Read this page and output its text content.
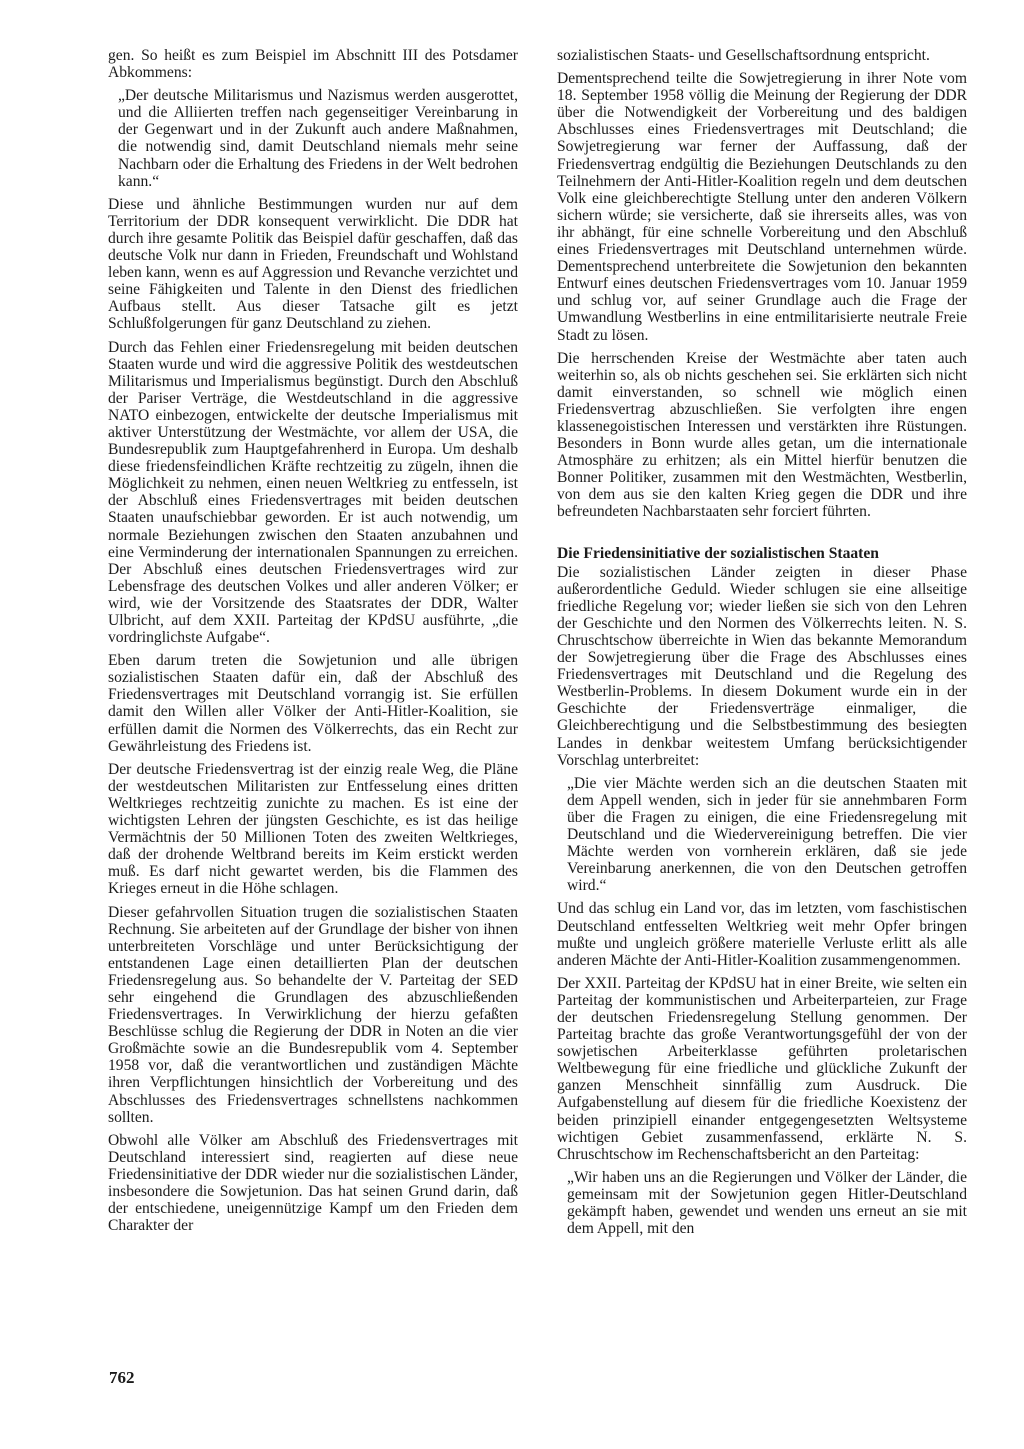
gen. So heißt es zum Beispiel im Abschnitt III des Potsdamer Abkommens:

„Der deutsche Militarismus und Nazismus werden ausgerottet, und die Alliierten treffen nach gegenseitiger Vereinbarung in der Gegenwart und in der Zukunft auch andere Maßnahmen, die notwendig sind, damit Deutschland niemals mehr seine Nachbarn oder die Erhaltung des Friedens in der Welt bedrohen kann.“

Diese und ähnliche Bestimmungen wurden nur auf dem Territorium der DDR konsequent verwirklicht. Die DDR hat durch ihre gesamte Politik das Beispiel dafür geschaffen, daß das deutsche Volk nur dann in Frieden, Freundschaft und Wohlstand leben kann, wenn es auf Aggression und Revanche verzichtet und seine Fähigkeiten und Talente in den Dienst des friedlichen Aufbaus stellt. Aus dieser Tatsache gilt es jetzt Schlußfolgerungen für ganz Deutschland zu ziehen.

Durch das Fehlen einer Friedensregelung mit beiden deutschen Staaten wurde und wird die aggressive Politik des westdeutschen Militarismus und Imperialismus begünstigt. Durch den Abschluß der Pariser Verträge, die Westdeutschland in die aggressive NATO einbezogen, entwickelte der deutsche Imperialismus mit aktiver Unterstützung der Westmächte, vor allem der USA, die Bundesrepublik zum Hauptgefahrenherd in Europa. Um deshalb diese friedensfeindlichen Kräfte rechtzeitig zu zügeln, ihnen die Möglichkeit zu nehmen, einen neuen Weltkrieg zu entfesseln, ist der Abschluß eines Friedensvertrages mit beiden deutschen Staaten unaufschiebbar geworden. Er ist auch notwendig, um normale Beziehungen zwischen den Staaten anzubahnen und eine Verminderung der internationalen Spannungen zu erreichen. Der Abschluß eines deutschen Friedensvertrages wird zur Lebensfrage des deutschen Volkes und aller anderen Völker; er wird, wie der Vorsitzende des Staatsrates der DDR, Walter Ulbricht, auf dem XXII. Parteitag der KPdSU ausführte, „die vordringlichste Aufgabe“.

Eben darum treten die Sowjetunion und alle übrigen sozialistischen Staaten dafür ein, daß der Abschluß des Friedensvertrages mit Deutschland vorrangig ist. Sie erfüllen damit den Willen aller Völker der Anti-Hitler-Koalition, sie erfüllen damit die Normen des Völkerrechts, das ein Recht zur Gewährleistung des Friedens ist.

Der deutsche Friedensvertrag ist der einzig reale Weg, die Pläne der westdeutschen Militaristen zur Entfesselung eines dritten Weltkrieges rechtzeitig zunichte zu machen. Es ist eine der wichtigsten Lehren der jüngsten Geschichte, es ist das heilige Vermächtnis der 50 Millionen Toten des zweiten Weltkrieges, daß der drohende Weltbrand bereits im Keim erstickt werden muß. Es darf nicht gewartet werden, bis die Flammen des Krieges erneut in die Höhe schlagen.

Dieser gefahrvollen Situation trugen die sozialistischen Staaten Rechnung. Sie arbeiteten auf der Grundlage der bisher von ihnen unterbreiteten Vorschläge und unter Berücksichtigung der entstandenen Lage einen detaillierten Plan der deutschen Friedensregelung aus. So behandelte der V. Parteitag der SED sehr eingehend die Grundlagen des abzuschließenden Friedensvertrages. In Verwirklichung der hierzu gefaßten Beschlüsse schlug die Regierung der DDR in Noten an die vier Großmächte sowie an die Bundesrepublik vom 4. September 1958 vor, daß die verantwortlichen und zuständigen Mächte ihren Verpflichtungen hinsichtlich der Vorbereitung und des Abschlusses des Friedensvertrages schnellstens nachkommen sollten.

Obwohl alle Völker am Abschluß des Friedensvertrages mit Deutschland interessiert sind, reagierten auf diese neue Friedensinitiative der DDR wieder nur die sozialistischen Länder, insbesondere die Sowjetunion. Das hat seinen Grund darin, daß der entschiedene, uneigennützige Kampf um den Frieden dem Charakter der

sozialistischen Staats- und Gesellschaftsordnung entspricht.

Dementsprechend teilte die Sowjetregierung in ihrer Note vom 18. September 1958 völlig die Meinung der Regierung der DDR über die Notwendigkeit der Vorbereitung und des baldigen Abschlusses eines Friedensvertrages mit Deutschland; die Sowjetregierung war ferner der Auffassung, daß der Friedensvertrag endgültig die Beziehungen Deutschlands zu den Teilnehmern der Anti-Hitler-Koalition regeln und dem deutschen Volk eine gleichberechtigte Stellung unter den anderen Völkern sichern würde; sie versicherte, daß sie ihrerseits alles, was von ihr abhängt, für eine schnelle Vorbereitung und den Abschluß eines Friedensvertrages mit Deutschland unternehmen würde. Dementsprechend unterbreitete die Sowjetunion den bekannten Entwurf eines deutschen Friedensvertrages vom 10. Januar 1959 und schlug vor, auf seiner Grundlage auch die Frage der Umwandlung Westberlins in eine entmilitarisierte neutrale Freie Stadt zu lösen.

Die herrschenden Kreise der Westmächte aber taten auch weiterhin so, als ob nichts geschehen sei. Sie erklärten sich nicht damit einverstanden, so schnell wie möglich einen Friedensvertrag abzuschließen. Sie verfolgten ihre engen klassenegoistischen Interessen und verstärkten ihre Rüstungen. Besonders in Bonn wurde alles getan, um die internationale Atmosphäre zu erhitzen; als ein Mittel hierfür benutzen die Bonner Politiker, zusammen mit den Westmächten, Westberlin, von dem aus sie den kalten Krieg gegen die DDR und ihre befreundeten Nachbarstaaten sehr forciert führten.

Die Friedensinitiative der sozialistischen Staaten

Die sozialistischen Länder zeigten in dieser Phase außerordentliche Geduld. Wieder schlugen sie eine allseitige friedliche Regelung vor; wieder ließen sie sich von den Lehren der Geschichte und den Normen des Völkerrechts leiten. N. S. Chruschtschow überreichte in Wien das bekannte Memorandum der Sowjetregierung über die Frage des Abschlusses eines Friedensvertrages mit Deutschland und die Regelung des Westberlin-Problems. In diesem Dokument wurde ein in der Geschichte der Friedensverträge einmaliger, die Gleichberechtigung und die Selbstbestimmung des besiegten Landes in denkbar weitestem Umfang berücksichtigender Vorschlag unterbreitet:

„Die vier Mächte werden sich an die deutschen Staaten mit dem Appell wenden, sich in jeder für sie annehmbaren Form über die Fragen zu einigen, die eine Friedensregelung mit Deutschland und die Wiedervereinigung betreffen. Die vier Mächte werden von vornherein erklären, daß sie jede Vereinbarung anerkennen, die von den Deutschen getroffen wird.“

Und das schlug ein Land vor, das im letzten, vom faschistischen Deutschland entfesselten Weltkrieg weit mehr Opfer bringen mußte und ungleich größere materielle Verluste erlitt als alle anderen Mächte der Anti-Hitler-Koalition zusammengenommen.

Der XXII. Parteitag der KPdSU hat in einer Breite, wie selten ein Parteitag der kommunistischen und Arbeiterparteien, zur Frage der deutschen Friedensregelung Stellung genommen. Der Parteitag brachte das große Verantwortungsgefühl der von der sowjetischen Arbeiterklasse geführten proletarischen Weltbewegung für eine friedliche und glückliche Zukunft der ganzen Menschheit sinnfällig zum Ausdruck. Die Aufgabenstellung auf diesem für die friedliche Koexistenz der beiden prinzipiell einander entgegengesetzten Weltsysteme wichtigen Gebiet zusammenfassend, erklärte N. S. Chruschtschow im Rechenschaftsbericht an den Parteitag:

„Wir haben uns an die Regierungen und Völker der Länder, die gemeinsam mit der Sowjetunion gegen Hitler-Deutschland gekämpft haben, gewendet und wenden uns erneut an sie mit dem Appell, mit den

762
